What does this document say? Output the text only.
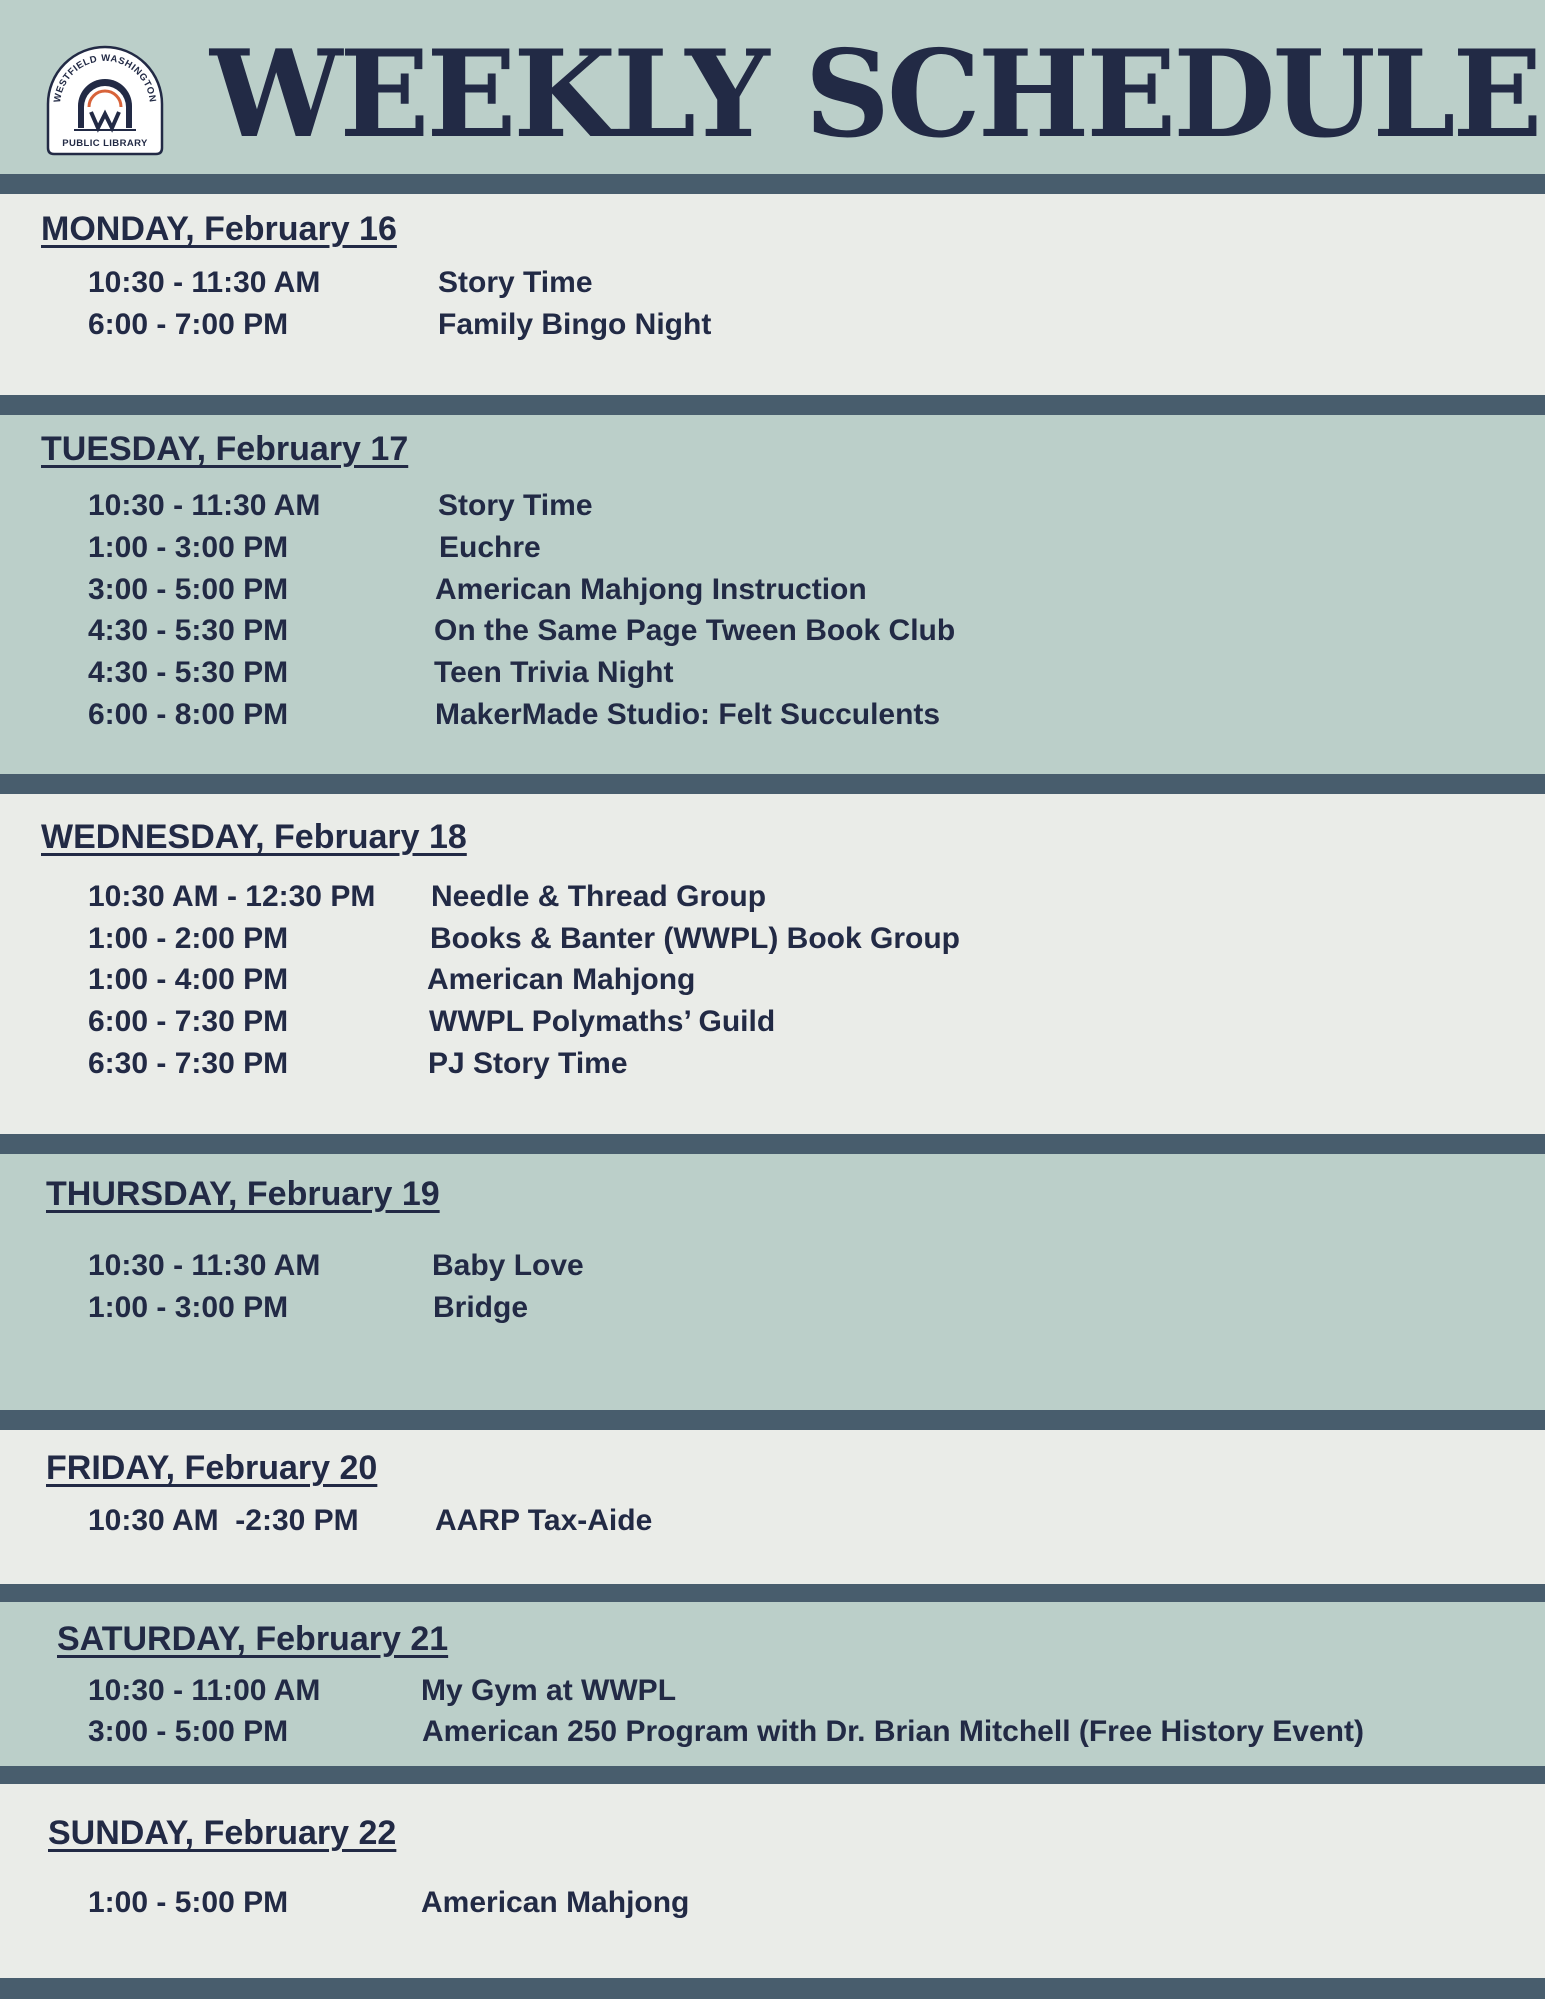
WESTFIELD WASHINGTON
PUBLIC LIBRARY WEEKLY SCHEDULE
MONDAY, February 16
10:30 - 11:30 AM	Story Time
6:00 - 7:00 PM	Family Bingo Night
TUESDAY, February 17
10:30 - 11:30 AM	Story Time
1:00 - 3:00 PM	Euchre
3:00 - 5:00 PM	American Mahjong Instruction
4:30 - 5:30 PM	On the Same Page Tween Book Club
4:30 - 5:30 PM	Teen Trivia Night
6:00 - 8:00 PM	MakerMade Studio: Felt Succulents
WEDNESDAY, February 18
10:30 AM - 12:30 PM Needle & Thread Group
1:00 - 2:00 PM	Books & Banter (WWPL) Book Group
1:00 - 4:00 PM	American Mahjong
6:00 - 7:30 PM	WWPL Polymaths’ Guild
6:30 - 7:30 PM	PJ Story Time
THURSDAY, February 19
10:30 - 11:30 AM	Baby Love
1:00 - 3:00 PM	Bridge
FRIDAY, February 20
10:30 AM  -2:30 PM	AARP Tax-Aide
SATURDAY, February 21
10:30 - 11:00 AM	My Gym at WWPL
3:00 - 5:00 PM	American 250 Program with Dr. Brian Mitchell (Free History Event)
SUNDAY, February 22
1:00 - 5:00 PM	American Mahjong
